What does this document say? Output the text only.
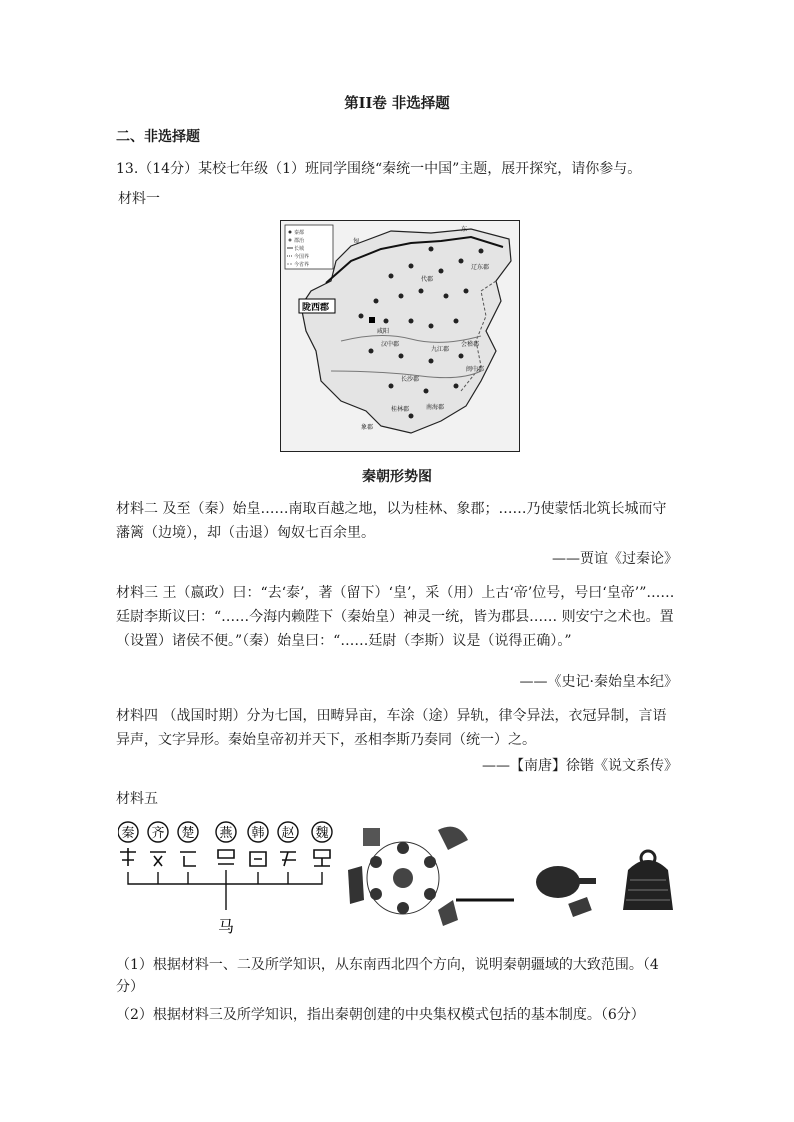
第II卷 非选择题
二、非选择题
13.（14分）某校七年级（1）班同学围绕“秦统一中国”主题，展开探究，请你参与。
材料一
秦都
郡治
长城
今国界
今省界
东
匈
辽东郡
代郡
咸阳
汉中郡	会稽郡
闽中郡
九江郡
长沙郡
桂林郡	南海郡
象郡
陇西郡
秦朝形势图
材料二 及至（秦）始皇……南取百越之地，以为桂林、象郡；……乃使蒙恬北筑长城而守藩篱（边境），却（击退）匈奴七百余里。
——贾谊《过秦论》
材料三 王（嬴政）曰：“去‘泰’，著（留下）‘皇’，采（用）上古‘帝’位号，号曰‘皇帝’”……廷尉李斯议曰：“……今海内赖陛下（秦始皇）神灵一统，皆为郡县…… 则安宁之术也。置（设置）诸侯不便。”（秦）始皇曰：“……廷尉（李斯）议是（说得正确）。”
——《史记·秦始皇本纪》
材料四 （战国时期）分为七国，田畴异亩，车涂（途）异轨，律令异法，衣冠异制，言语异声，文字异形。秦始皇帝初并天下，丞相李斯乃奏同（统一）之。
——【南唐】徐锴《说文系传》
材料五
秦 齐 楚 燕 韩 赵 魏
马
（1）根据材料一、二及所学知识，从东南西北四个方向，说明秦朝疆域的大致范围。（4分）
（2）根据材料三及所学知识，指出秦朝创建的中央集权模式包括的基本制度。（6分）
